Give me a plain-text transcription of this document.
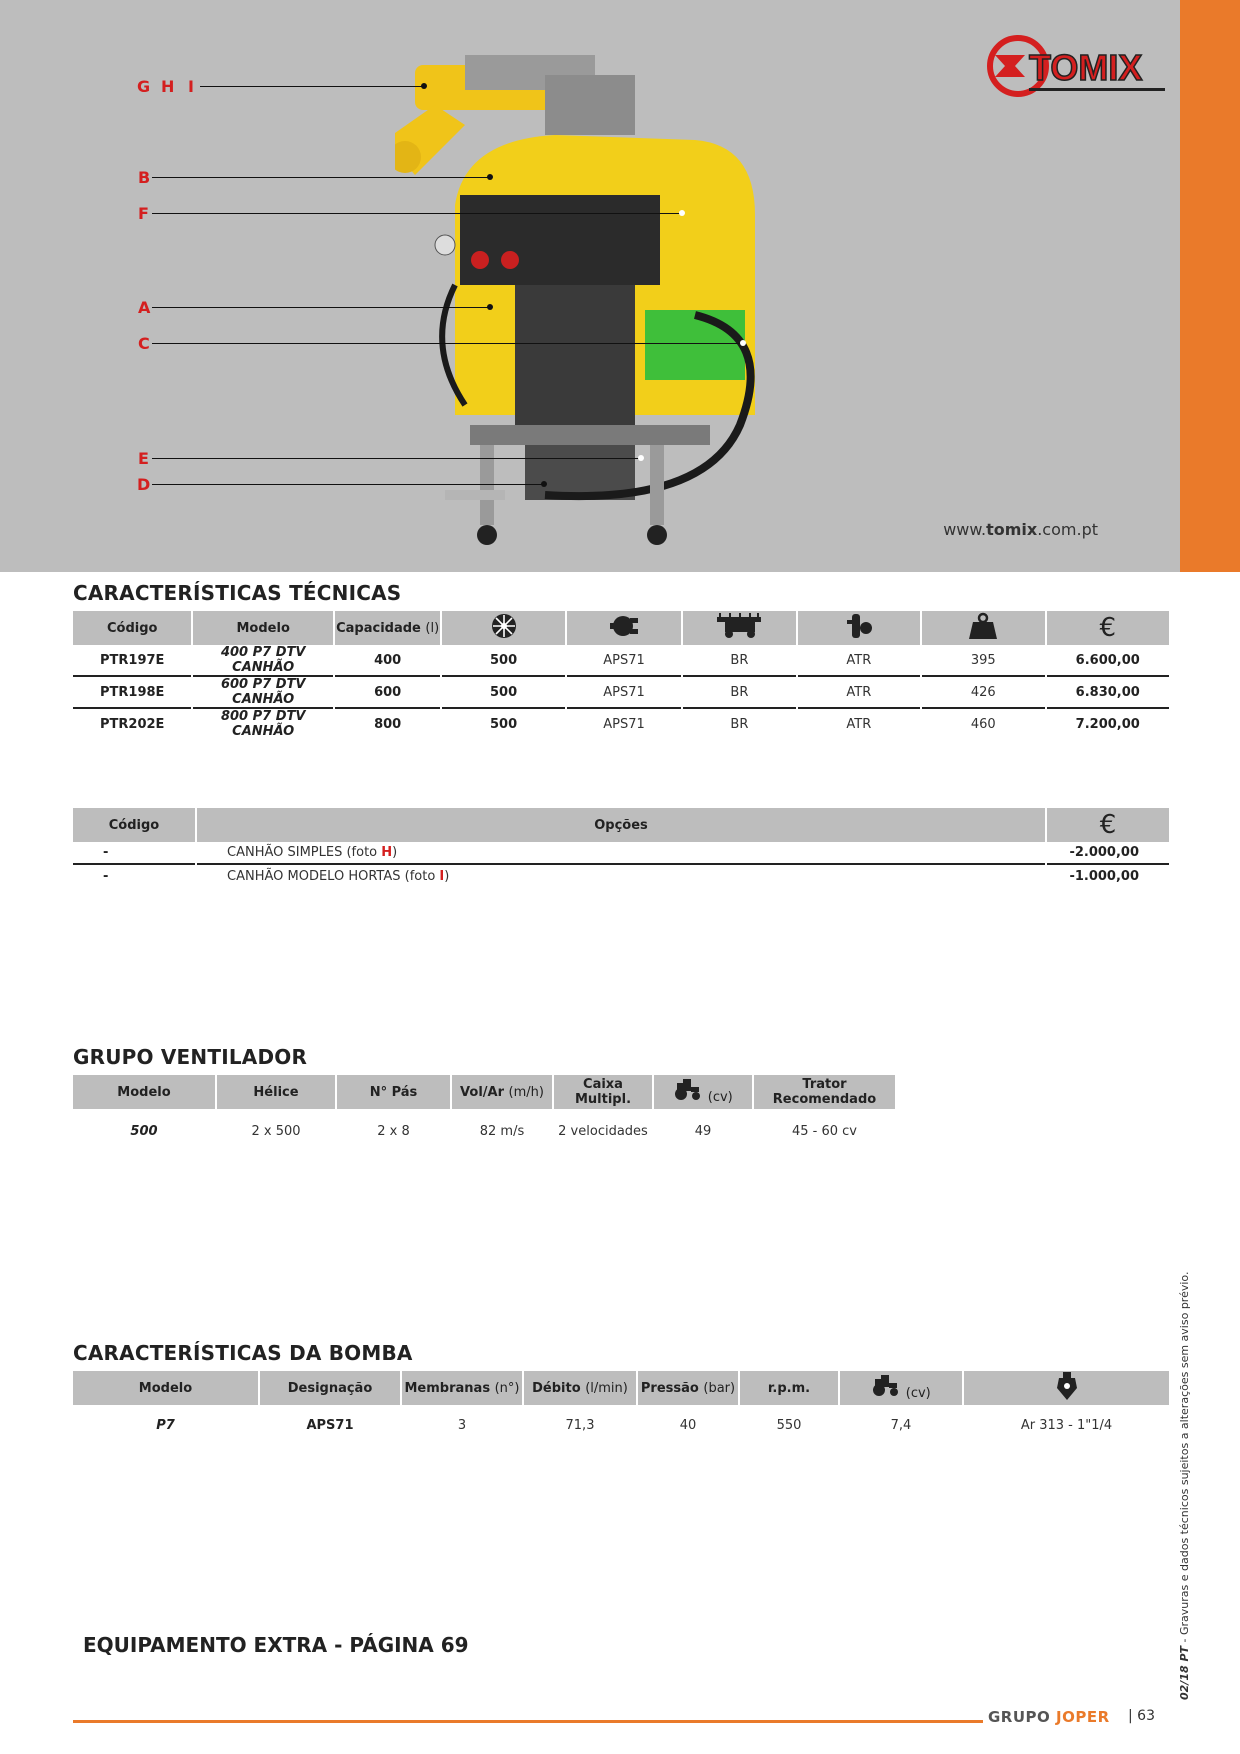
G H I
B
F
A
C
E
D
TOMIX
www.tomix.com.pt
CARACTERÍSTICAS TÉCNICAS
Código	Modelo	Capacidade (l)						€
PTR197E	400 P7 DTV CANHÃO	400	500	APS71	BR	ATR	395	6.600,00
PTR198E	600 P7 DTV CANHÃO	600	500	APS71	BR	ATR	426	6.830,00
PTR202E	800 P7 DTV CANHÃO	800	500	APS71	BR	ATR	460	7.200,00
Código	Opções	€
-	CANHÃO SIMPLES (foto H)	-2.000,00
-	CANHÃO MODELO HORTAS (foto I)	-1.000,00
GRUPO VENTILADOR
Modelo	Hélice	N° Pás	Vol/Ar (m/h)	Caixa Multipl.	(cv)	Trator Recomendado
500	2 x 500	2 x 8	82 m/s	2 velocidades	49	45 - 60 cv
CARACTERÍSTICAS DA BOMBA
Modelo	Designação	Membranas (n°)	Débito (l/min)	Pressão (bar)	r.p.m.	(cv)	
P7	APS71	3	71,3	40	550	7,4	Ar 313 - 1"1/4
EQUIPAMENTO EXTRA - PÁGINA 69
GRUPO JOPER | 63
02/18 PT - Gravuras e dados técnicos sujeitos a alterações sem aviso prévio.
